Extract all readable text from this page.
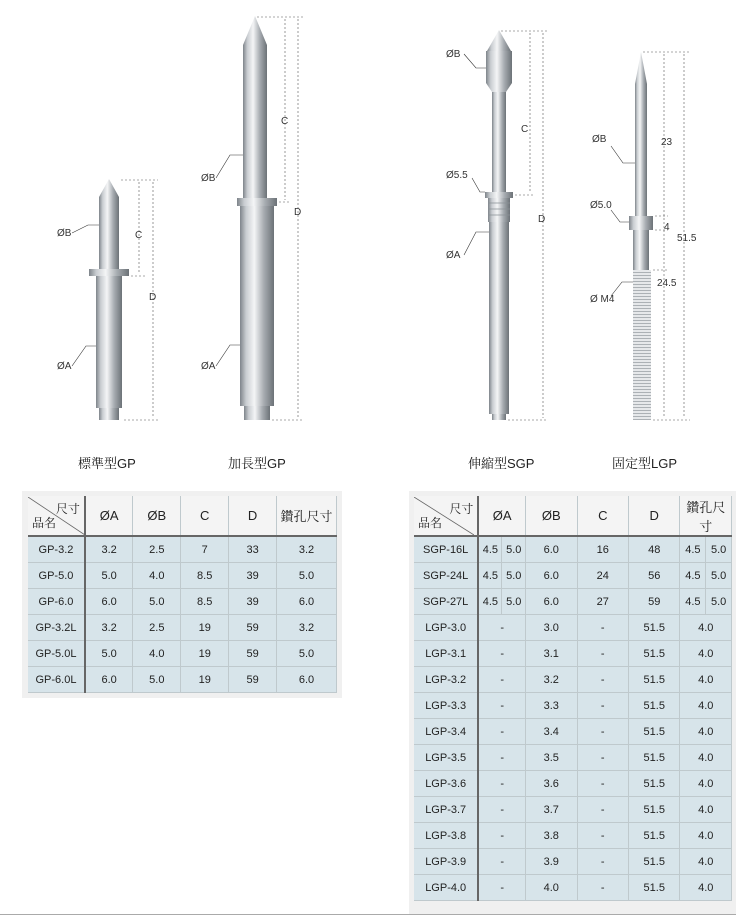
ØB	C
D
ØA
ØB
C
D
ØA
ØB
Ø5.5
C
D
ØA
ØB	23
Ø5.0
4
51.5
24.5
Ø M4
標準型GP	加長型GP	伸縮型SGP	固定型LGP
尺寸
品名	ØA	ØB	C	D	鑽孔尺寸
GP-3.2	3.2	2.5	7	33	3.2
GP-5.0	5.0	4.0	8.5	39	5.0
GP-6.0	6.0	5.0	8.5	39	6.0
GP-3.2L	3.2	2.5	19	59	3.2
GP-5.0L	5.0	4.0	19	59	5.0
GP-6.0L	6.0	5.0	19	59	6.0
尺寸
品名	ØA		ØB	C	D	鑽孔尺寸	
SGP-16L	4.5	5.0	6.0	16	48	4.5	5.0
SGP-24L	4.5	5.0	6.0	24	56	4.5	5.0
SGP-27L	4.5	5.0	6.0	27	59	4.5	5.0
LGP-3.0	-		3.0	-	51.5	4.0	
LGP-3.1	-		3.1	-	51.5	4.0	
LGP-3.2	-		3.2	-	51.5	4.0	
LGP-3.3	-		3.3	-	51.5	4.0	
LGP-3.4	-		3.4	-	51.5	4.0	
LGP-3.5	-		3.5	-	51.5	4.0	
LGP-3.6	-		3.6	-	51.5	4.0	
LGP-3.7	-		3.7	-	51.5	4.0	
LGP-3.8	-		3.8	-	51.5	4.0	
LGP-3.9	-		3.9	-	51.5	4.0	
LGP-4.0	-		4.0	-	51.5	4.0	
